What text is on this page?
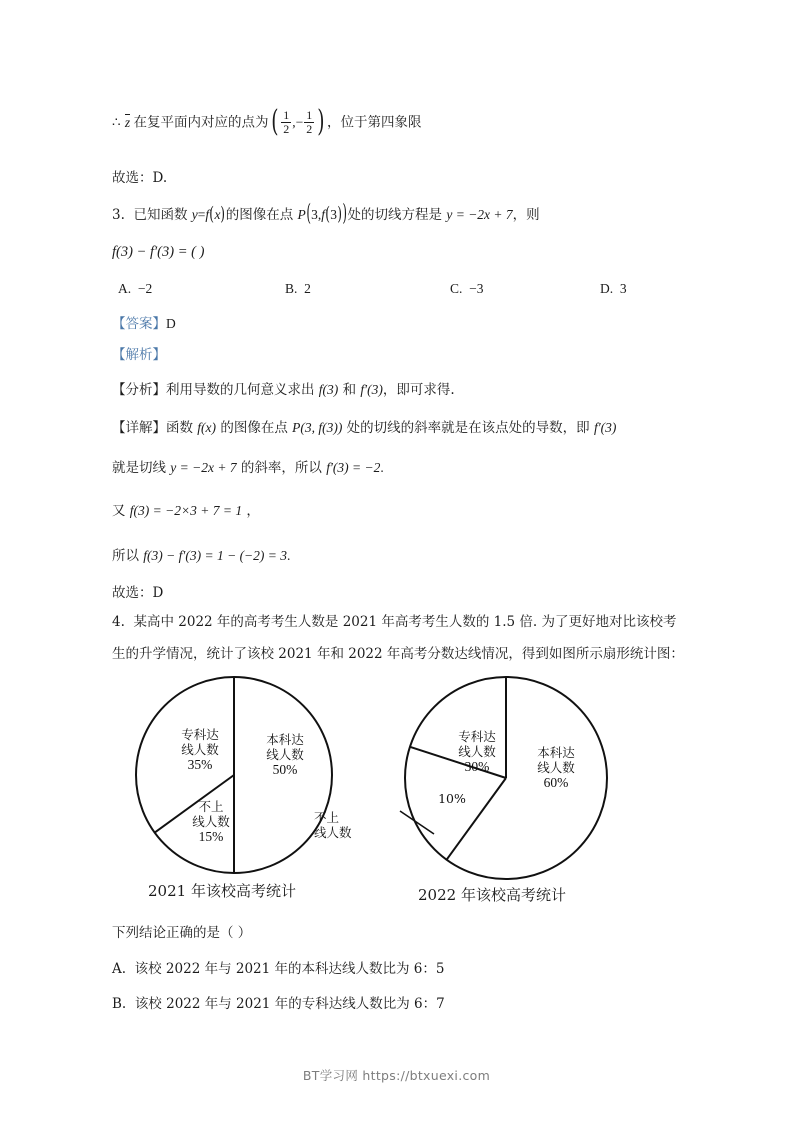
∴ z 在复平面内对应的点为( $\frac{1}{2}$ ,− $\frac{1}{2}$ ) ，位于第四象限
故选：D.
3. 已知函数 y=f(x)的图像在点 P(3,f(3))处的切线方程是 y = −2x + 7，则
f(3) − f′(3) = ( )
A. −2	B. 2	C. −3	D. 3
【答案】D
【解析】
【分析】利用导数的几何意义求出 f(3) 和 f′(3)，即可求得.
【详解】函数 f(x) 的图像在点 P(3, f(3)) 处的切线的斜率就是在该点处的导数，即 f′(3)
就是切线 y = −2x + 7 的斜率，所以 f′(3) = −2.
又 f(3) = −2×3 + 7 = 1 ，
所以 f(3) − f′(3) = 1 − (−2) = 3.
故选：D
4. 某高中 2022 年的高考考生人数是 2021 年高考考生人数的 1.5 倍. 为了更好地对比该校考
生的升学情况，统计了该校 2021 年和 2022 年高考分数达线情况，得到如图所示扇形统计图：
专科达
线人数
35%
本科达
线人数
50%
不上
线人数
15%
2021 年该校高考统计
专科达
线人数
30%
本科达
线人数
60%
10%
不上
线人数
2022 年该校高考统计
下列结论正确的是（ ）
A. 该校 2022 年与 2021 年的本科达线人数比为 6：5
B. 该校 2022 年与 2021 年的专科达线人数比为 6：7
BT学习网 https://btxuexi.com
